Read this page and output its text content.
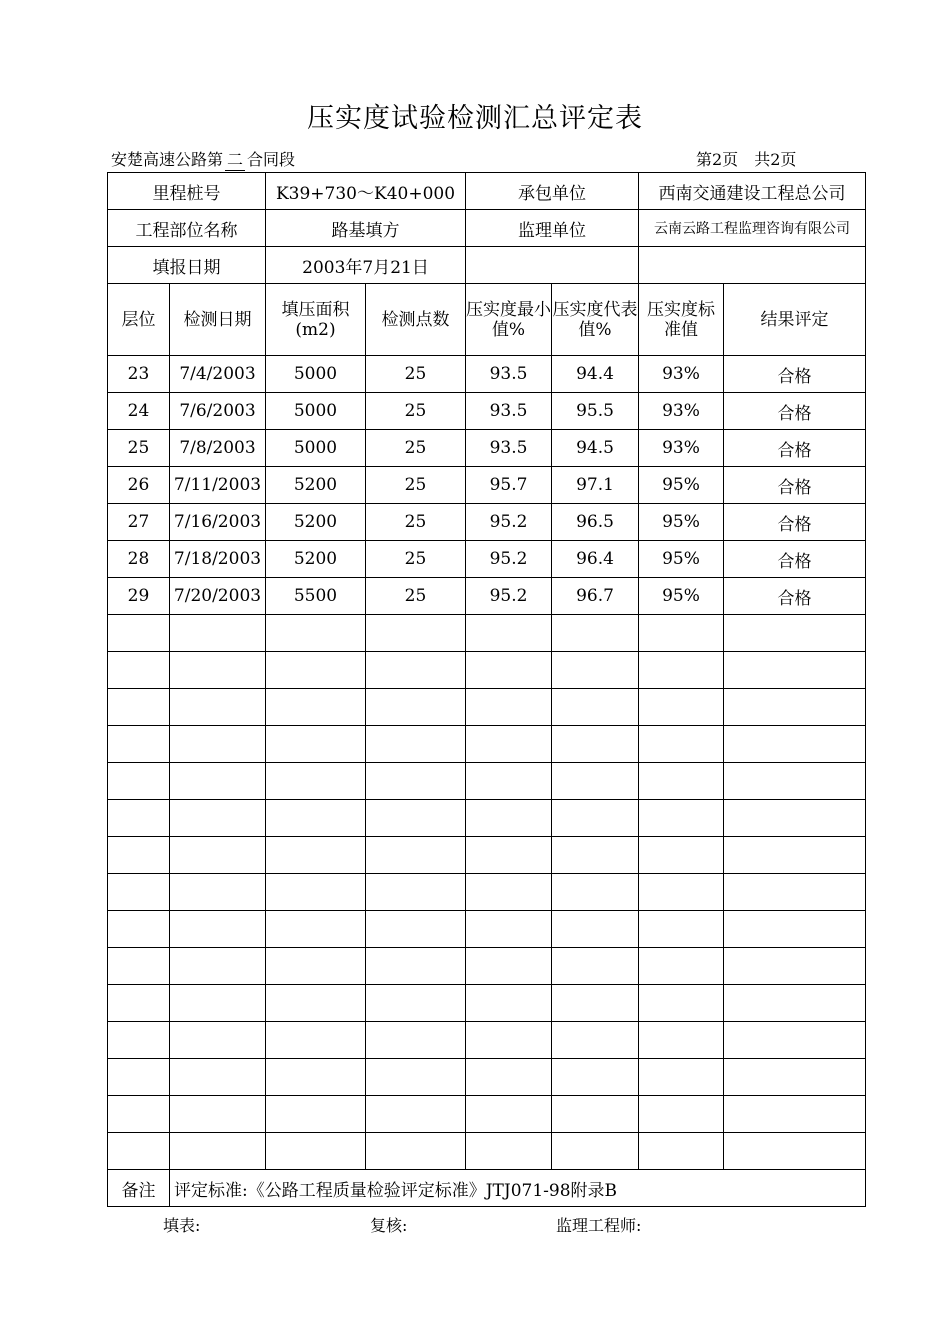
压实度试验检测汇总评定表
安楚高速公路第 二 合同段	第2页 共2页
里程桩号		K39+730～K40+000		承包单位		西南交通建设工程总公司	
工程部位名称		路基填方		监理单位		云南云路工程监理咨询有限公司	
填报日期		2003年7月21日					
层位	检测日期	填压面积(m2)	检测点数	压实度最小值%	压实度代表值%	压实度标准值	结果评定
23	7/4/2003	5000	25	93.5	94.4	93%	合格
24	7/6/2003	5000	25	93.5	95.5	93%	合格
25	7/8/2003	5000	25	93.5	94.5	93%	合格
26	7/11/2003	5200	25	95.7	97.1	95%	合格
27	7/16/2003	5200	25	95.2	96.5	95%	合格
28	7/18/2003	5200	25	95.2	96.4	95%	合格
29	7/20/2003	5500	25	95.2	96.7	95%	合格

备注	评定标准:《公路工程质量检验评定标准》JTJ071-98附录B						
填表:	复核:	监理工程师:
